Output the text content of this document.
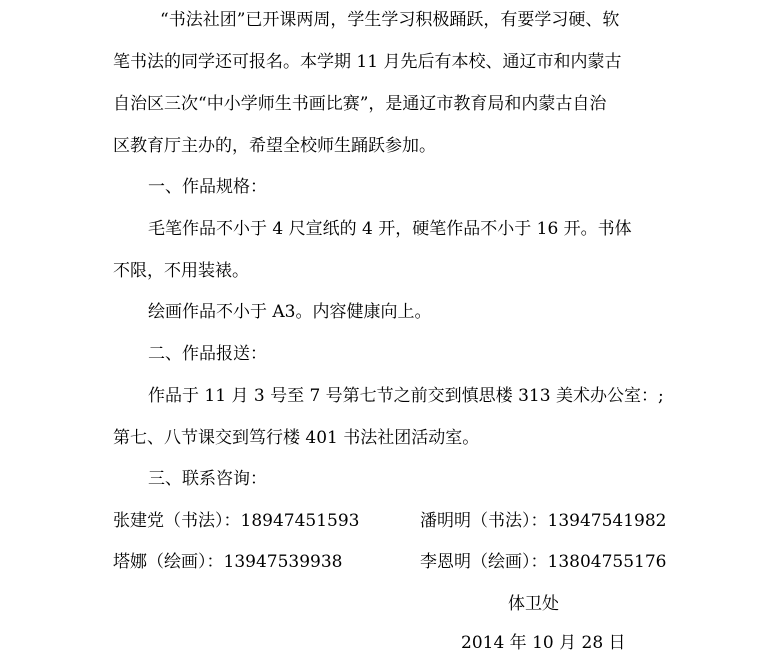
“书法社团”已开课两周，学生学习积极踊跃，有要学习硬、软
笔书法的同学还可报名。本学期 11 月先后有本校、通辽市和内蒙古
自治区三次“中小学师生书画比赛”，是通辽市教育局和内蒙古自治
区教育厅主办的，希望全校师生踊跃参加。
一、作品规格：
毛笔作品不小于 4 尺宣纸的 4 开，硬笔作品不小于 16 开。书体
不限，不用装裱。
绘画作品不小于 A3。内容健康向上。
二、作品报送：
作品于 11 月 3 号至 7 号第七节之前交到慎思楼 313 美术办公室：;
第七、八节课交到笃行楼 401 书法社团活动室。
三、联系咨询：
张建党（书法）：18947451593	潘明明（书法）：13947541982
塔娜（绘画）：13947539938	李恩明（绘画）：13804755176
体卫处
2014 年 10 月 28 日
